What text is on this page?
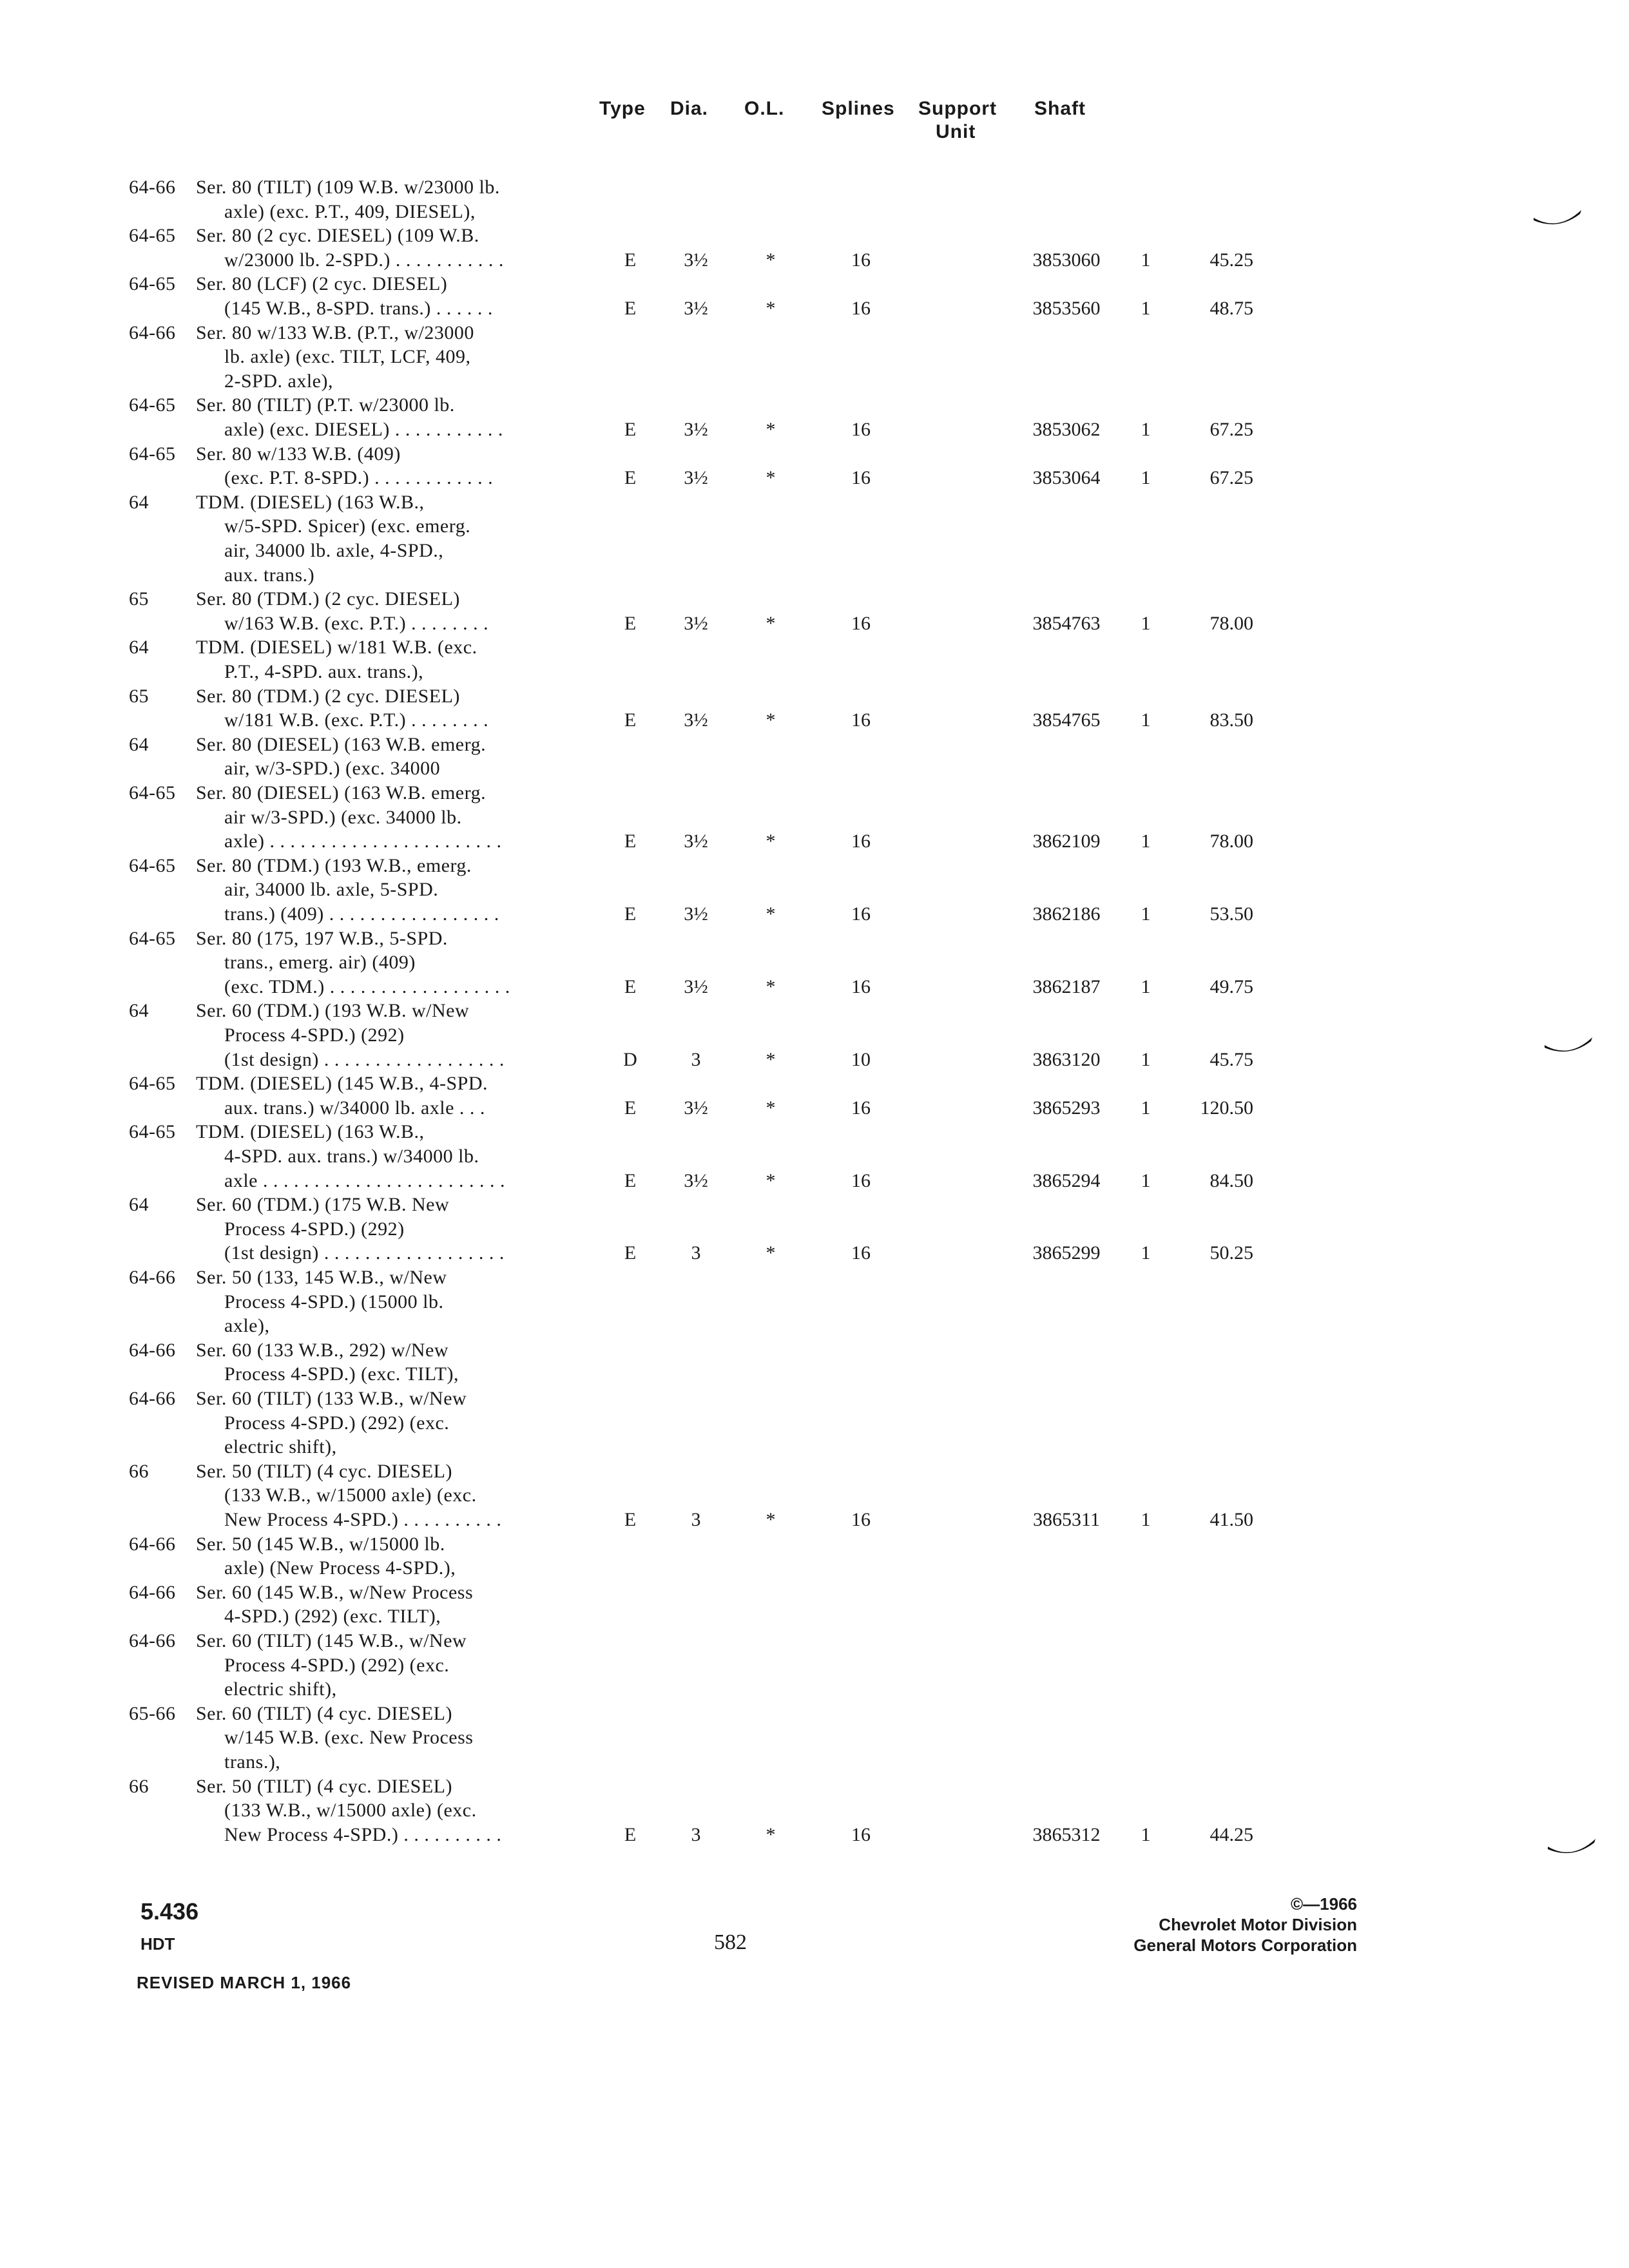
Type Dia. O.L. Splines Support
Unit
Shaft
64-66 Ser. 80 (TILT) (109 W.B. w/23000 lb.
axle) (exc. P.T., 409, DIESEL),
64-65 Ser. 80 (2 cyc. DIESEL) (109 W.B.
w/23000 lb. 2-SPD.) . . . . . . . . . . .	E 3½	*	16	3853060 1	45.25
64-65 Ser. 80 (LCF) (2 cyc. DIESEL)
(145 W.B., 8-SPD. trans.) . . . . . .	E 3½	*	16	3853560 1	48.75
64-66 Ser. 80 w/133 W.B. (P.T., w/23000
lb. axle) (exc. TILT, LCF, 409,
2-SPD. axle),
64-65 Ser. 80 (TILT) (P.T. w/23000 lb.
axle) (exc. DIESEL) . . . . . . . . . . .	E 3½	*	16	3853062 1	67.25
64-65 Ser. 80 w/133 W.B. (409)
(exc. P.T. 8-SPD.) . . . . . . . . . . . .	E 3½	*	16	3853064 1	67.25
64 TDM. (DIESEL) (163 W.B.,
w/5-SPD. Spicer) (exc. emerg.
air, 34000 lb. axle, 4-SPD.,
aux. trans.)
65 Ser. 80 (TDM.) (2 cyc. DIESEL)
w/163 W.B. (exc. P.T.) . . . . . . . .	E 3½	*	16	3854763 1	78.00
64 TDM. (DIESEL) w/181 W.B. (exc.
P.T., 4-SPD. aux. trans.),
65 Ser. 80 (TDM.) (2 cyc. DIESEL)
w/181 W.B. (exc. P.T.) . . . . . . . .	E 3½	*	16	3854765 1	83.50
64 Ser. 80 (DIESEL) (163 W.B. emerg.
air, w/3-SPD.) (exc. 34000
64-65 Ser. 80 (DIESEL) (163 W.B. emerg.
air w/3-SPD.) (exc. 34000 lb.
axle) . . . . . . . . . . . . . . . . . . . . . . .	E 3½	*	16	3862109 1	78.00
64-65 Ser. 80 (TDM.) (193 W.B., emerg.
air, 34000 lb. axle, 5-SPD.
trans.) (409) . . . . . . . . . . . . . . . . .	E 3½	*	16	3862186 1	53.50
64-65 Ser. 80 (175, 197 W.B., 5-SPD.
trans., emerg. air) (409)
(exc. TDM.) . . . . . . . . . . . . . . . . . .	E 3½	*	16	3862187 1	49.75
64 Ser. 60 (TDM.) (193 W.B. w/New
Process 4-SPD.) (292)
(1st design) . . . . . . . . . . . . . . . . . .	D	3	*	10	3863120 1	45.75
64-65 TDM. (DIESEL) (145 W.B., 4-SPD.
aux. trans.) w/34000 lb. axle . . .	E 3½	*	16	3865293 1	120.50
64-65 TDM. (DIESEL) (163 W.B.,
4-SPD. aux. trans.) w/34000 lb.
axle . . . . . . . . . . . . . . . . . . . . . . . .	E 3½	*	16	3865294 1	84.50
64 Ser. 60 (TDM.) (175 W.B. New
Process 4-SPD.) (292)
(1st design) . . . . . . . . . . . . . . . . . .	E	3	*	16	3865299 1	50.25
64-66 Ser. 50 (133, 145 W.B., w/New
Process 4-SPD.) (15000 lb.
axle),
64-66 Ser. 60 (133 W.B., 292) w/New
Process 4-SPD.) (exc. TILT),
64-66 Ser. 60 (TILT) (133 W.B., w/New
Process 4-SPD.) (292) (exc.
electric shift),
66 Ser. 50 (TILT) (4 cyc. DIESEL)
(133 W.B., w/15000 axle) (exc.
New Process 4-SPD.) . . . . . . . . . .	E	3	*	16	3865311 1	41.50
64-66 Ser. 50 (145 W.B., w/15000 lb.
axle) (New Process 4-SPD.),
64-66 Ser. 60 (145 W.B., w/New Process
4-SPD.) (292) (exc. TILT),
64-66 Ser. 60 (TILT) (145 W.B., w/New
Process 4-SPD.) (292) (exc.
electric shift),
65-66 Ser. 60 (TILT) (4 cyc. DIESEL)
w/145 W.B. (exc. New Process
trans.),
66 Ser. 50 (TILT) (4 cyc. DIESEL)
(133 W.B., w/15000 axle) (exc.
New Process 4-SPD.) . . . . . . . . . .	E	3	*	16	3865312 1	44.25
5.436
HDT
REVISED MARCH 1, 1966
582
©—1966
Chevrolet Motor Division
General Motors Corporation
